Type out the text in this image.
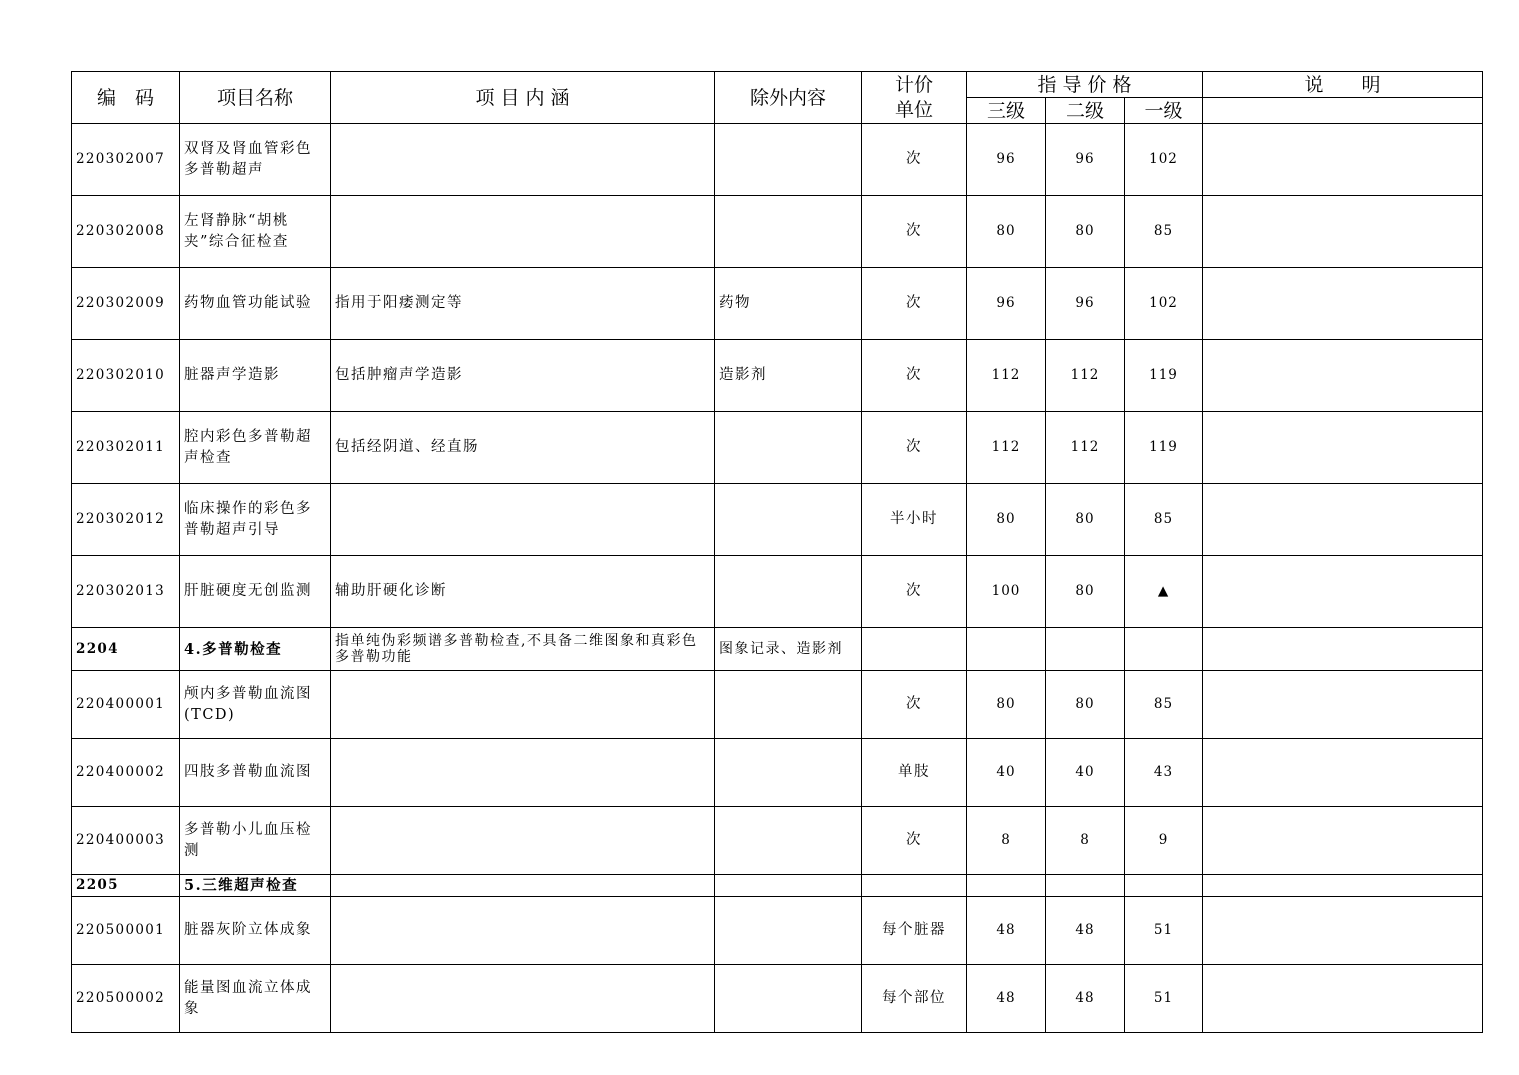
编　码	项目名称	项 目 内 涵	除外内容	计价
单位	指 导 价 格			说　　明
					三级	二级	一级	
220302007	双肾及肾血管彩色多普勒超声			次	96	96	102	
220302008	左肾静脉“胡桃夹”综合征检查			次	80	80	85	
220302009	药物血管功能试验	指用于阳痿测定等	药物	次	96	96	102	
220302010	脏器声学造影	包括肿瘤声学造影	造影剂	次	112	112	119	
220302011	腔内彩色多普勒超声检查	包括经阴道、经直肠		次	112	112	119	
220302012	临床操作的彩色多普勒超声引导			半小时	80	80	85	
220302013	肝脏硬度无创监测	辅助肝硬化诊断		次	100	80	▲	
2204	4.多普勒检查	指单纯伪彩频谱多普勒检查,不具备二维图象和真彩色多普勒功能	图象记录、造影剂					
220400001	颅内多普勒血流图(TCD)			次	80	80	85	
220400002	四肢多普勒血流图			单肢	40	40	43	
220400003	多普勒小儿血压检测			次	8	8	9	
2205	5.三维超声检查							
220500001	脏器灰阶立体成象			每个脏器	48	48	51	
220500002	能量图血流立体成象			每个部位	48	48	51	
